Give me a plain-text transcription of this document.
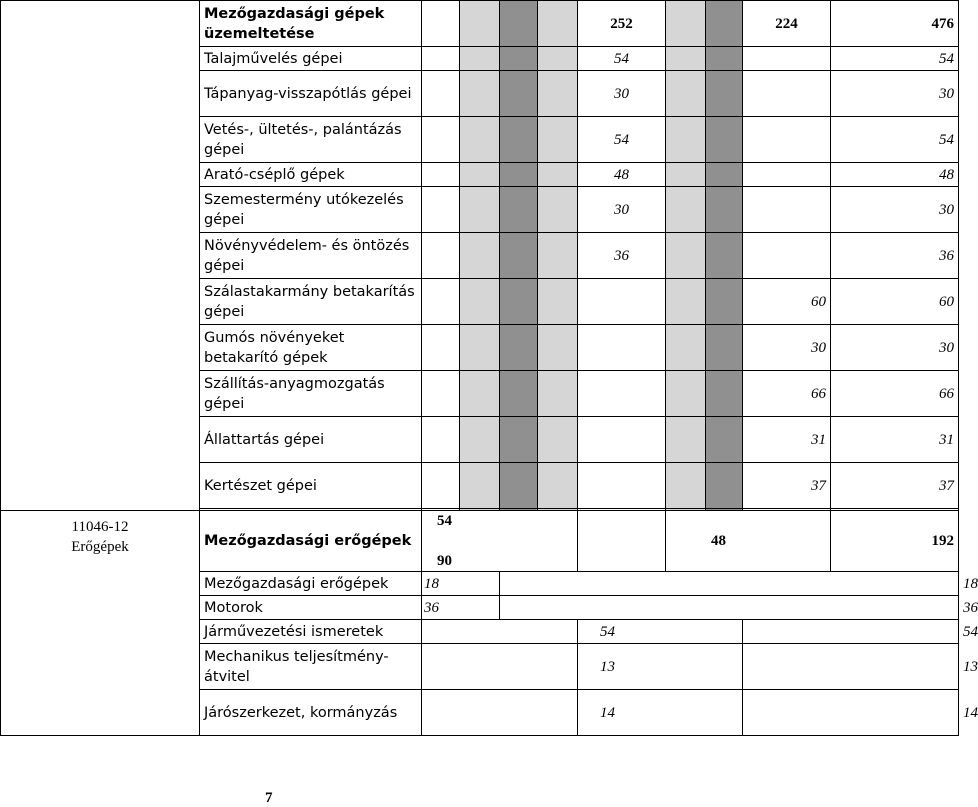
	Mezőgazdasági gépek üzemeltetése					252			224	476	
	Talajművelés gépei					54				54	
	Tápanyag-visszapótlás gépei					30				30	
	Vetés-, ültetés-, palántázás gépei					54				54	
	Arató-cséplő gépek					48				48	
	Szemestermény utókezelés gépei					30				30	
	Növényvédelem- és öntözés gépei					36				36	
	Szálastakarmány betakarítás gépei								60	60	
	Gumós növényeket betakarító gépek								30	30	
	Szállítás-anyagmozgatás gépei								66	66	
	Állattartás gépei								31	31	
	Kertészet gépei								37	37	

11046-12
Erőgépek	Mezőgazdasági erőgépek	54  90					48			192	
	Mezőgazdasági erőgépek	18									18
	Motorok	36									36
	Járművezetési ismeretek					54					54
	Mechanikus teljesítmény-átvitel					13					13
	Járószerkezet, kormányzás					14					14
7
